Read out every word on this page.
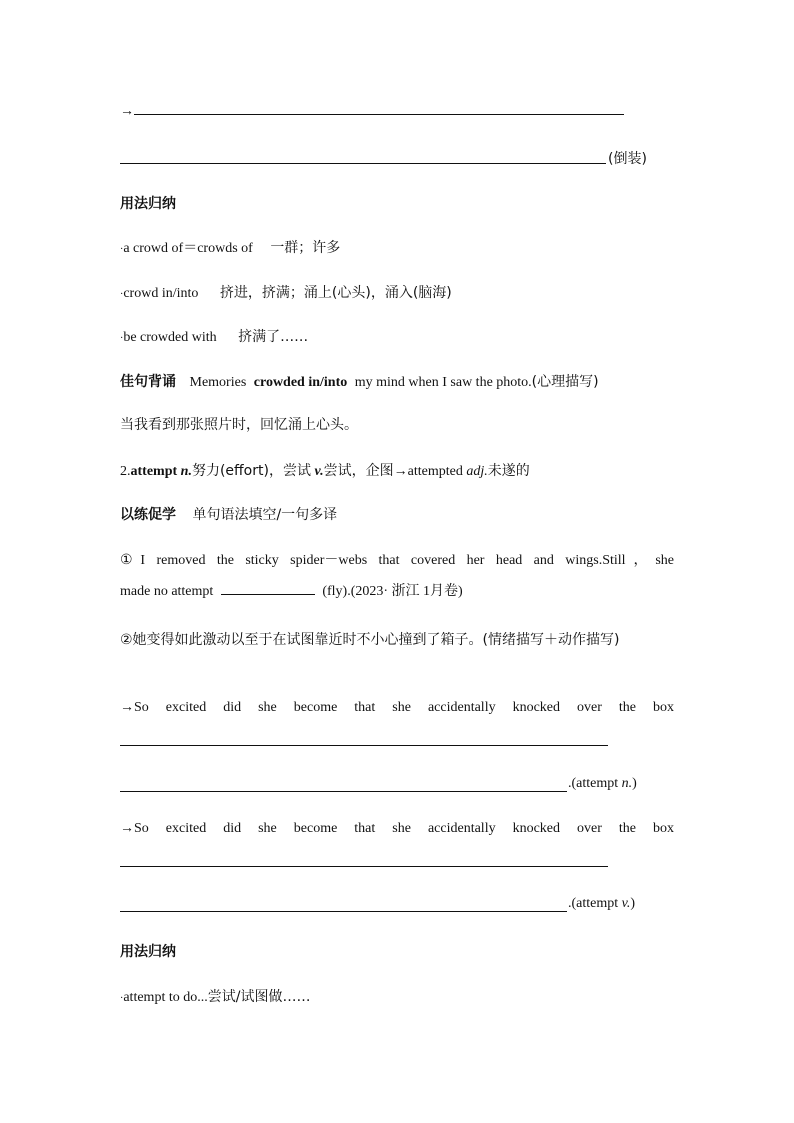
→
(倒装)
用法归纳
·a crowd of＝crowds of 一群；许多
·crowd in/into 挤进，挤满；涌上(心头)，涌入(脑海)
·be crowded with 挤满了……
佳句背诵 Memories crowded in/into my mind when I saw the photo.(心理描写)
当我看到那张照片时，回忆涌上心头。
2.attempt n.努力(effort)，尝试 v.尝试，企图→attempted adj.未遂的
以练促学 单句语法填空/一句多译
①I removed the sticky spider－webs that covered her head and wings.Still，she
made no attempt	(fly).(2023· 浙江 1月卷)
②她变得如此激动以至于在试图靠近时不小心撞到了箱子。(情绪描写＋动作描写)
→So excited did she become that she accidentally knocked over the box
.(attempt n.)
→So excited did she become that she accidentally knocked over the box
.(attempt v.)
用法归纳
·attempt to do...尝试/试图做……
